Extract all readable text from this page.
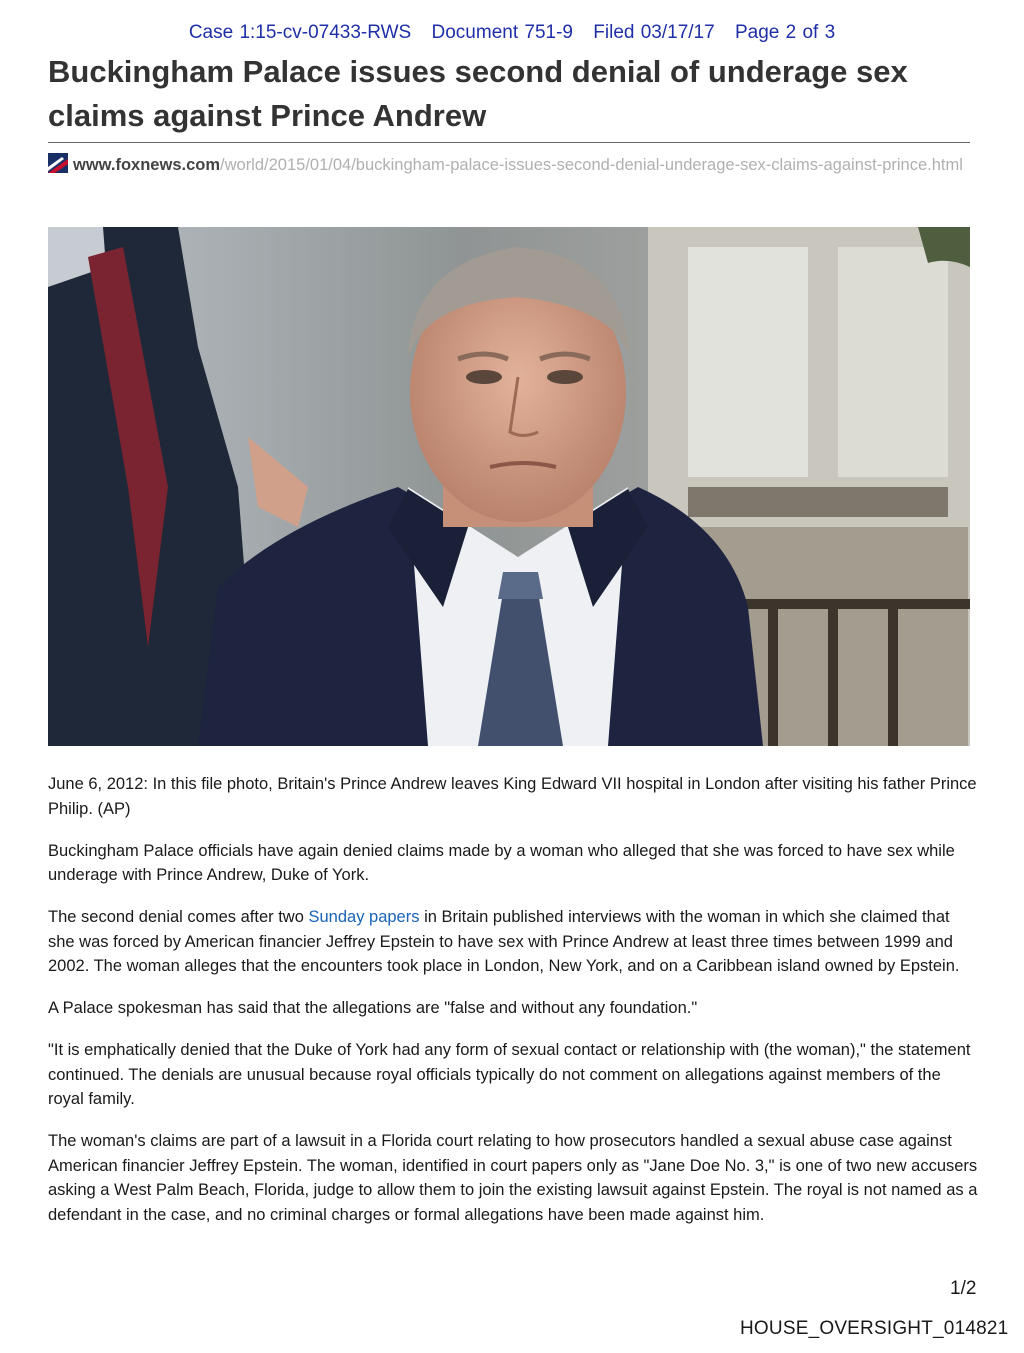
Case 1:15-cv-07433-RWS Document 751-9 Filed 03/17/17 Page 2 of 3
Buckingham Palace issues second denial of underage sex claims against Prince Andrew
www.foxnews.com/world/2015/01/04/buckingham-palace-issues-second-denial-underage-sex-claims-against-prince.html

June 6, 2012: In this file photo, Britain's Prince Andrew leaves King Edward VII hospital in London after visiting his father Prince Philip. (AP)

Buckingham Palace officials have again denied claims made by a woman who alleged that she was forced to have sex while underage with Prince Andrew, Duke of York.

The second denial comes after two Sunday papers in Britain published interviews with the woman in which she claimed that she was forced by American financier Jeffrey Epstein to have sex with Prince Andrew at least three times between 1999 and 2002. The woman alleges that the encounters took place in London, New York, and on a Caribbean island owned by Epstein.

A Palace spokesman has said that the allegations are "false and without any foundation."

"It is emphatically denied that the Duke of York had any form of sexual contact or relationship with (the woman)," the statement continued. The denials are unusual because royal officials typically do not comment on allegations against members of the royal family.

The woman's claims are part of a lawsuit in a Florida court relating to how prosecutors handled a sexual abuse case against American financier Jeffrey Epstein. The woman, identified in court papers only as "Jane Doe No. 3," is one of two new accusers asking a West Palm Beach, Florida, judge to allow them to join the existing lawsuit against Epstein. The royal is not named as a defendant in the case, and no criminal charges or formal allegations have been made against him.

1/2
HOUSE_OVERSIGHT_014821
